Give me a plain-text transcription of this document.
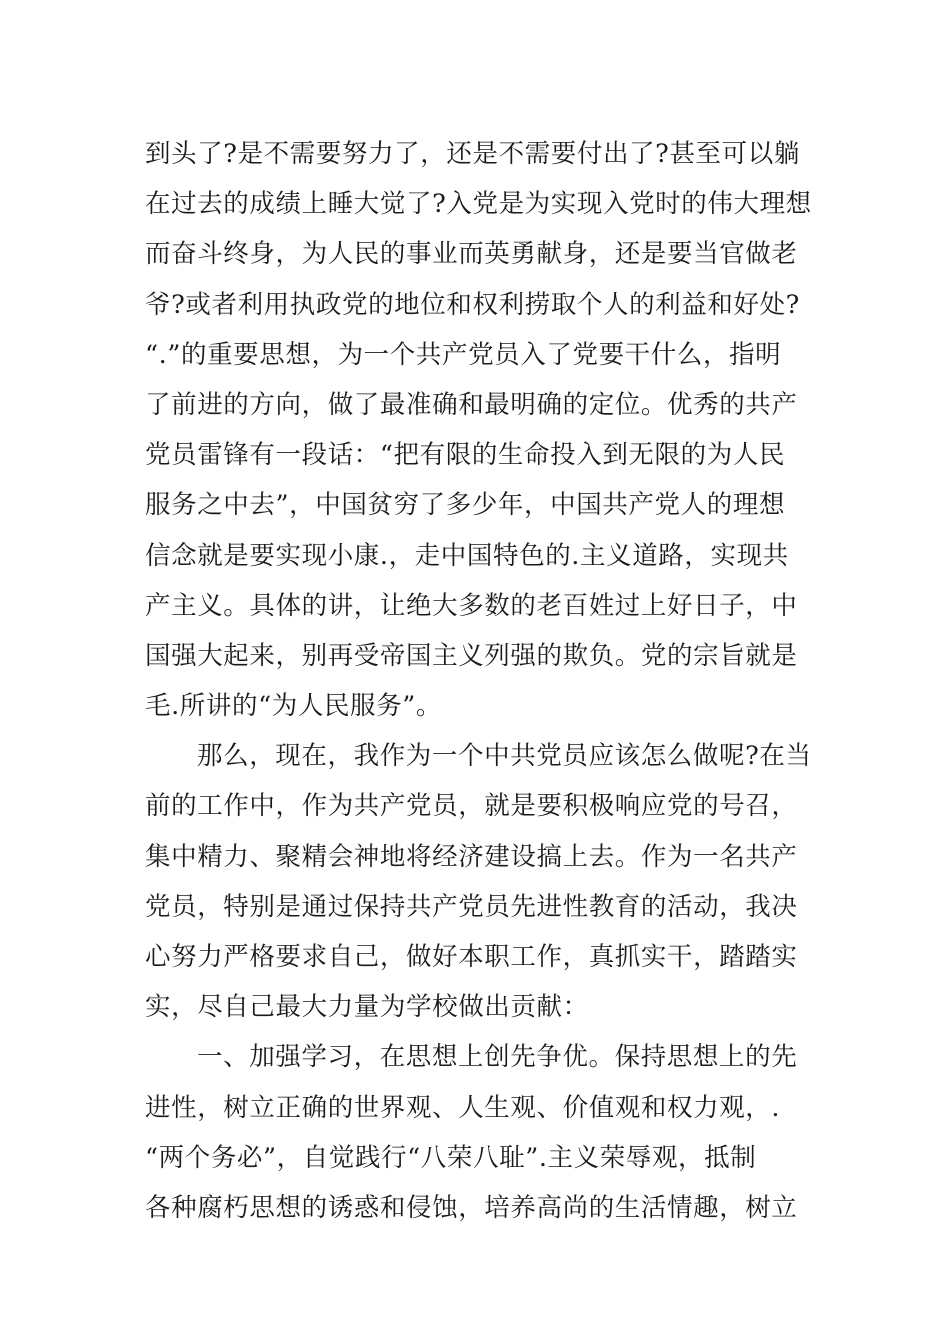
到头了?是不需要努力了，还是不需要付出了?甚至可以躺
在过去的成绩上睡大觉了?入党是为实现入党时的伟大理想
而奋斗终身，为人民的事业而英勇献身，还是要当官做老
爷?或者利用执政党的地位和权利捞取个人的利益和好处?
“.”的重要思想，为一个共产党员入了党要干什么，指明
了前进的方向，做了最准确和最明确的定位。优秀的共产
党员雷锋有一段话：“把有限的生命投入到无限的为人民
服务之中去”，中国贫穷了多少年，中国共产党人的理想
信念就是要实现小康.，走中国特色的.主义道路，实现共
产主义。具体的讲，让绝大多数的老百姓过上好日子，中
国强大起来，别再受帝国主义列强的欺负。党的宗旨就是
毛.所讲的“为人民服务”。
那么，现在，我作为一个中共党员应该怎么做呢?在当
前的工作中，作为共产党员，就是要积极响应党的号召，
集中精力、聚精会神地将经济建设搞上去。作为一名共产
党员，特别是通过保持共产党员先进性教育的活动，我决
心努力严格要求自己，做好本职工作，真抓实干，踏踏实
实，尽自己最大力量为学校做出贡献：
一、加强学习，在思想上创先争优。保持思想上的先
进性，树立正确的世界观、人生观、价值观和权力观，.
“两个务必”，自觉践行“八荣八耻”.主义荣辱观，抵制
各种腐朽思想的诱惑和侵蚀，培养高尚的生活情趣，树立
